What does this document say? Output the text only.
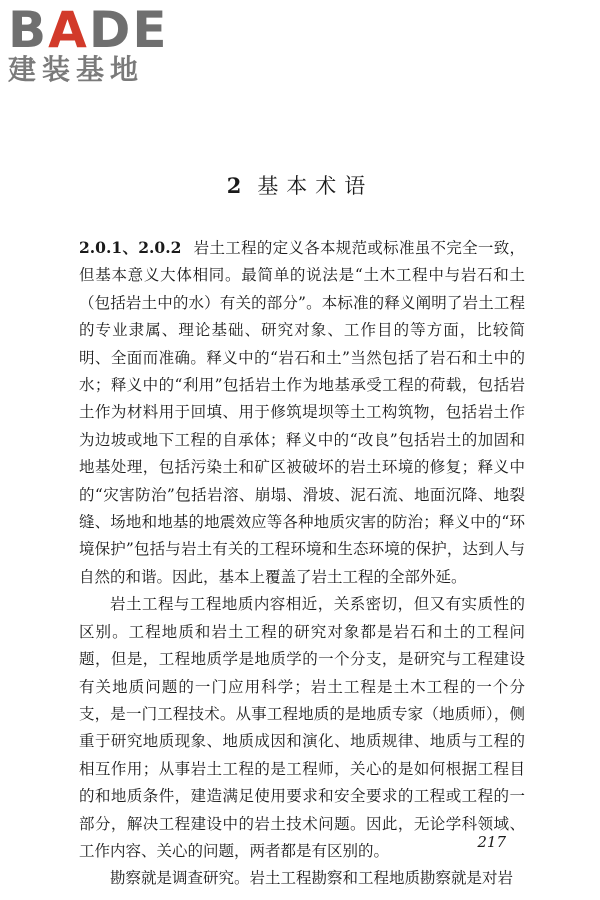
BADE
建装基地
2 基本术语

2.0.1、2.0.2 岩土工程的定义各本规范或标准虽不完全一致，但基本意义大体相同。最简单的说法是“土木工程中与岩石和土（包括岩土中的水）有关的部分”。本标准的释义阐明了岩土工程的专业隶属、理论基础、研究对象、工作目的等方面，比较简明、全面而准确。释义中的“岩石和土”当然包括了岩石和土中的水；释义中的“利用”包括岩土作为地基承受工程的荷载，包括岩土作为材料用于回填、用于修筑堤坝等土工构筑物，包括岩土作为边坡或地下工程的自承体；释义中的“改良”包括岩土的加固和地基处理，包括污染土和矿区被破坏的岩土环境的修复；释义中的“灾害防治”包括岩溶、崩塌、滑坡、泥石流、地面沉降、地裂缝、场地和地基的地震效应等各种地质灾害的防治；释义中的“环境保护”包括与岩土有关的工程环境和生态环境的保护，达到人与自然的和谐。因此，基本上覆盖了岩土工程的全部外延。

岩土工程与工程地质内容相近，关系密切，但又有实质性的区别。工程地质和岩土工程的研究对象都是岩石和土的工程问题，但是，工程地质学是地质学的一个分支，是研究与工程建设有关地质问题的一门应用科学；岩土工程是土木工程的一个分支，是一门工程技术。从事工程地质的是地质专家（地质师），侧重于研究地质现象、地质成因和演化、地质规律、地质与工程的相互作用；从事岩土工程的是工程师，关心的是如何根据工程目的和地质条件，建造满足使用要求和安全要求的工程或工程的一部分，解决工程建设中的岩土技术问题。因此，无论学科领域、工作内容、关心的问题，两者都是有区别的。

勘察就是调查研究。岩土工程勘察和工程地质勘察就是对岩

217
